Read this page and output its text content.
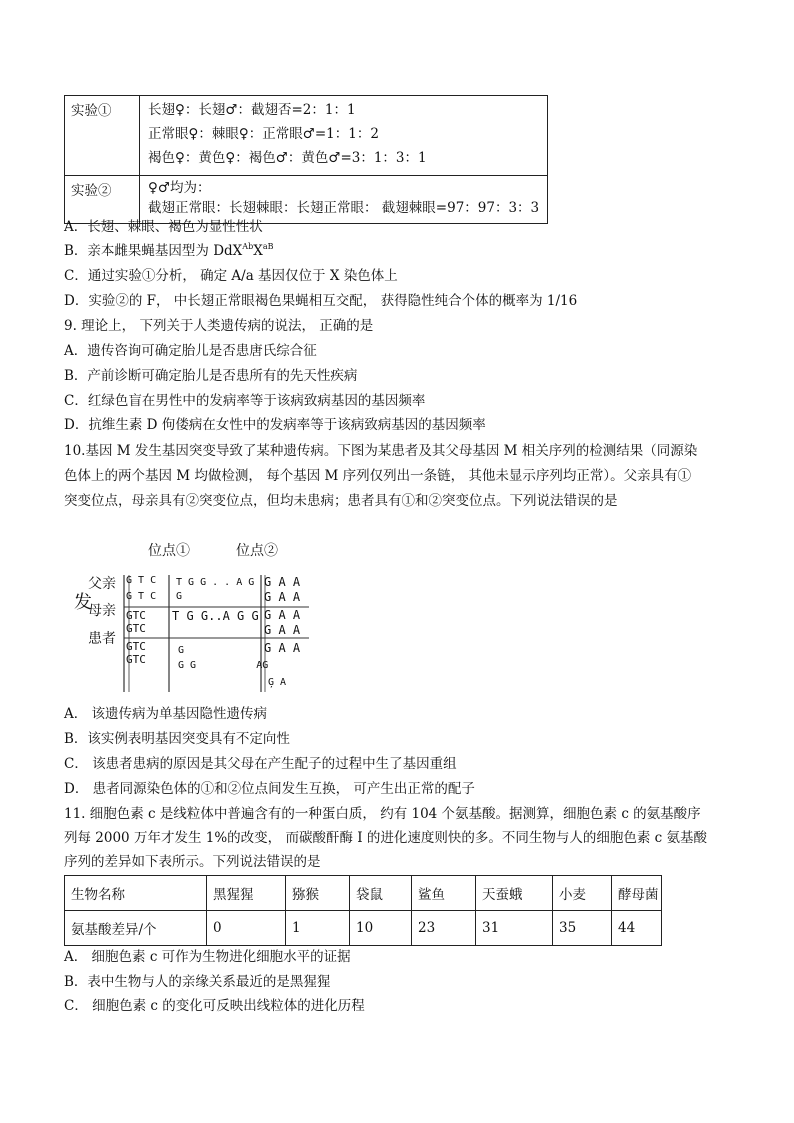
实验①	长翅♀：长翅♂：截翅否=2：1：1
正常眼♀：棘眼♀：正常眼♂=1：1：2
褐色♀：黄色♀：褐色♂：黄色♂=3：1：3：1

实验②	♀♂均为：
截翅正常眼：长翅棘眼：长翅正常眼： 截翅棘眼=97：97：3：3
A．长翅、棘眼、褐色为显性性状
B．亲本雌果蝇基因型为 $DdX^{Ab}X^{aB}$
C．通过实验①分析， 确定 A/a 基因仅位于 X 染色体上
D．实验②的 F， 中长翅正常眼褐色果蝇相互交配， 获得隐性纯合个体的概率为 1/16
9. 理论上， 下列关于人类遗传病的说法， 正确的是
A．遗传咨询可确定胎儿是否患唐氏综合征
B．产前诊断可确定胎儿是否患所有的先天性疾病
C．红绿色盲在男性中的发病率等于该病致病基因的基因频率
D．抗维生素 D 佝偻病在女性中的发病率等于该病致病基因的基因频率
10.基因 M 发生基因突变导致了某种遗传病。下图为某患者及其父母基因 M 相关序列的检测结果（同源染
色体上的两个基因 M 均做检测， 每个基因 M 序列仅列出一条链， 其他未显示序列均正常）。父亲具有①
突变位点，母亲具有②突变位点，但均未患病；患者具有①和②突变位点。下列说法错误的是
位点①	位点②
父亲
发
母亲
患者
G T C
G T C
GTC
GTC
GTC
GTC
T G G . . A G
G
T G G..A G G
G
G G          AG
G A A
G A A
G A A
G A A
G A A
Ģ A
A． 该遗传病为单基因隐性遗传病
B．该实例表明基因突变具有不定向性
C． 该患者患病的原因是其父母在产生配子的过程中生了基因重组
D． 患者同源染色体的①和②位点间发生互换， 可产生出正常的配子
11. 细胞色素 c 是线粒体中普遍含有的一种蛋白质， 约有 104 个氨基酸。据测算，细胞色素 c 的氨基酸序
列每 2000 万年才发生 1%的改变， 而碳酸酐酶 I 的进化速度则快的多。不同生物与人的细胞色素 c 氨基酸
序列的差异如下表所示。下列说法错误的是
生物名称	黑猩猩	猕猴	袋鼠	鲨鱼	天蚕蛾	小麦	酵母菌
氨基酸差异/个	0	1	10	23	31	35	44
A． 细胞色素 c 可作为生物进化细胞水平的证据
B．表中生物与人的亲缘关系最近的是黑猩猩
C． 细胞色素 c 的变化可反映出线粒体的进化历程
